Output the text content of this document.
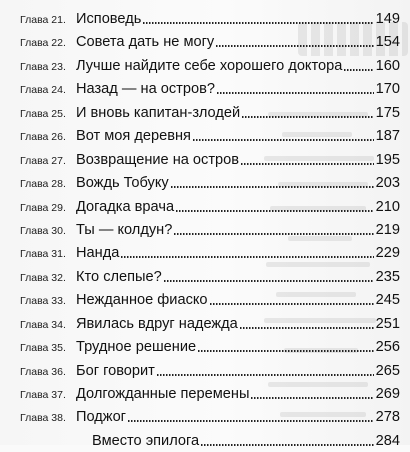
Глава 21. Исповедь	149
Глава 22. Совета дать не могу	154
Глава 23. Лучше найдите себе хорошего доктора 160
Глава 24. Назад — на остров?	170
Глава 25. И вновь капитан-злодей	175
Глава 26. Вот моя деревня	187
Глава 27. Возвращение на остров	195
Глава 28. Вождь Тобуку	203
Глава 29. Догадка врача	210
Глава 30. Ты — колдун?	219
Глава 31. Нанда	229
Глава 32. Кто слепые?	235
Глава 33. Нежданное фиаско	245
Глава 34. Явилась вдруг надежда	251
Глава 35. Трудное решение	256
Глава 36. Бог говорит	265
Глава 37. Долгожданные перемены	269
Глава 38. Поджог	278
Вместо эпилога	284
